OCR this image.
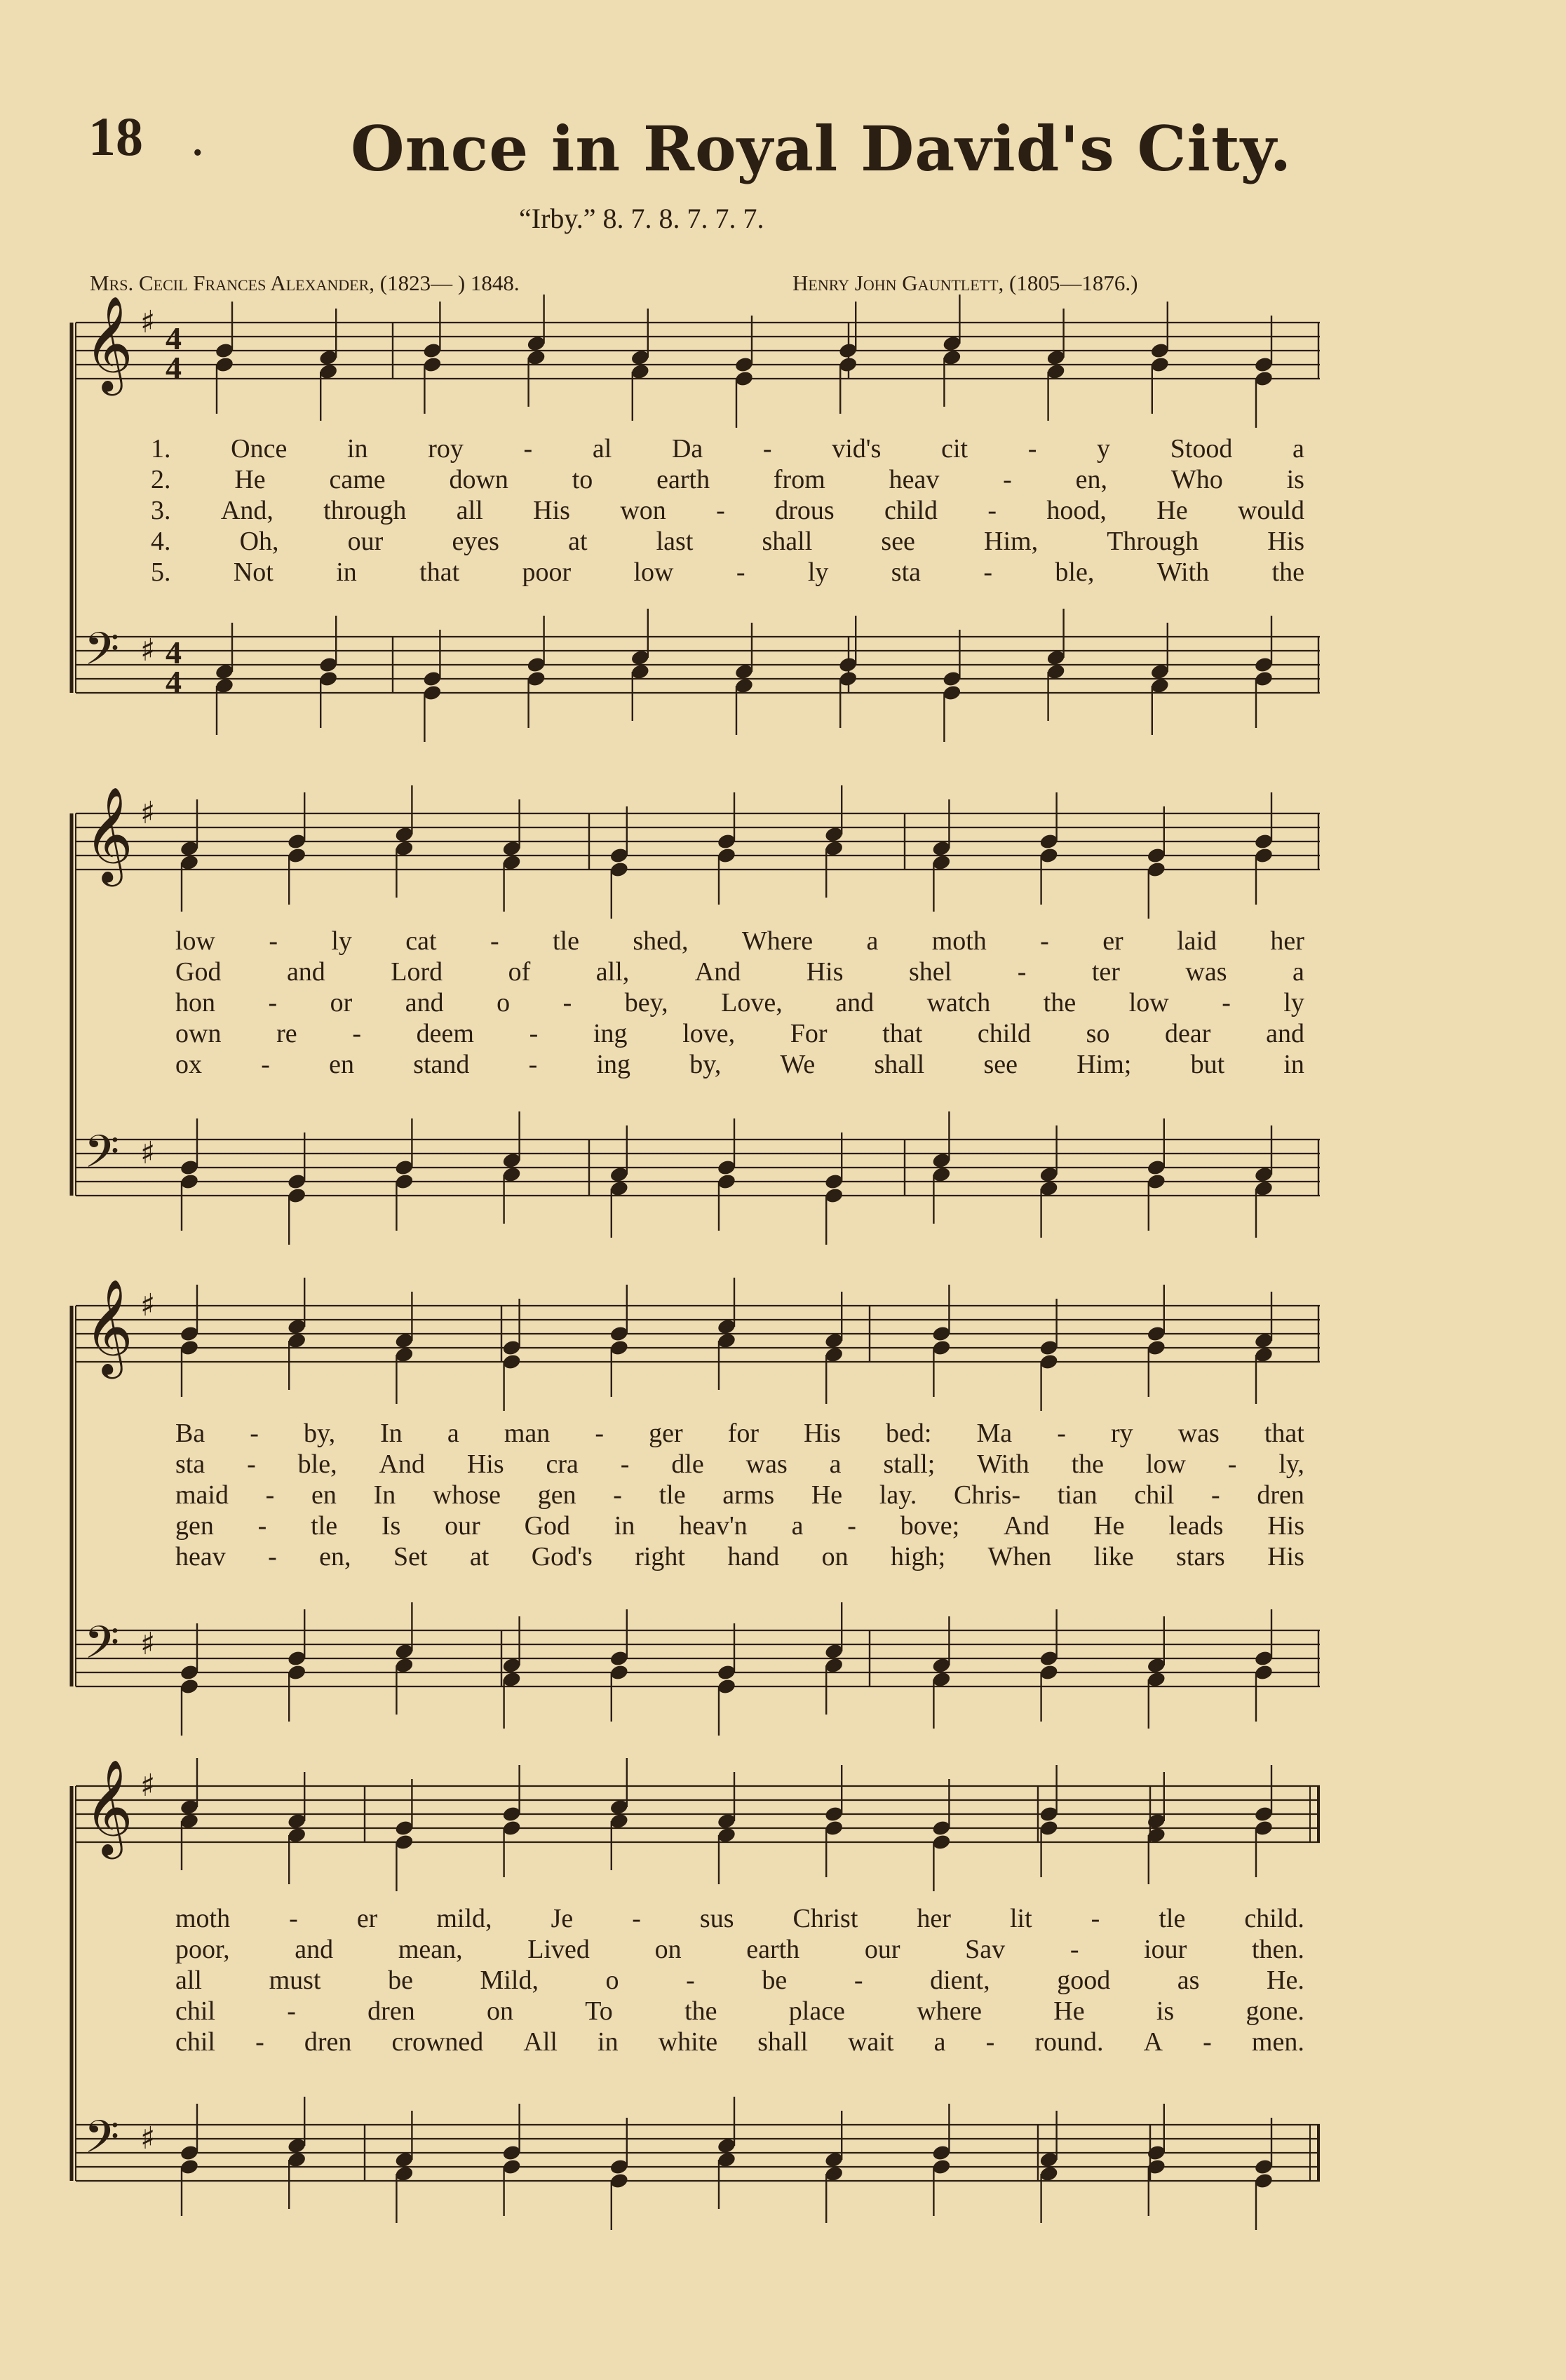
18 . Once in Royal David's City.
“Irby.” 8. 7. 8. 7. 7. 7.
Mrs. Cecil Frances Alexander, (1823— ) 1848.	Henry John Gauntlett, (1805—1876.)
𝄞 ♯ 4
4
𝄢 ♯ 4
4
𝄞 ♯
𝄢 ♯
𝄞 ♯
𝄢 ♯
𝄞 ♯
𝄢 ♯
1. Once in roy - al Da - vid's cit - y Stood a
2. He came down to earth from heav - en, Who is
3. And, through all His won - drous child - hood, He would
4.	Oh,	our	eyes	at	last	shall	see	Him,	Through	His
5. Not in that poor low - ly sta - ble, With the
low - ly cat - tle shed, Where a moth - er laid her
God and Lord of all, And His shel - ter was a
hon - or and o - bey, Love, and watch the low - ly
own re - deem - ing love, For that child so dear and
ox - en stand - ing by, We shall see Him; but in
Ba - by, In a man - ger for His bed: Ma - ry was that
sta - ble, And His cra - dle was a stall; With the low - ly,
maid - en In whose gen - tle arms He lay. Chris- tian chil - dren
gen - tle Is our God in heav'n a - bove; And He leads His
heav - en, Set at God's right hand on high; When like stars His
moth - er mild, Je - sus Christ her lit - tle child.
poor, and mean, Lived on earth our Sav - iour then.
all	must	be	Mild,	o	-	be	-	dient,	good	as	He.
chil	-	dren	on	To	the	place	where	He	is	gone.
chil - dren crowned All in white shall wait a - round. A - men.
